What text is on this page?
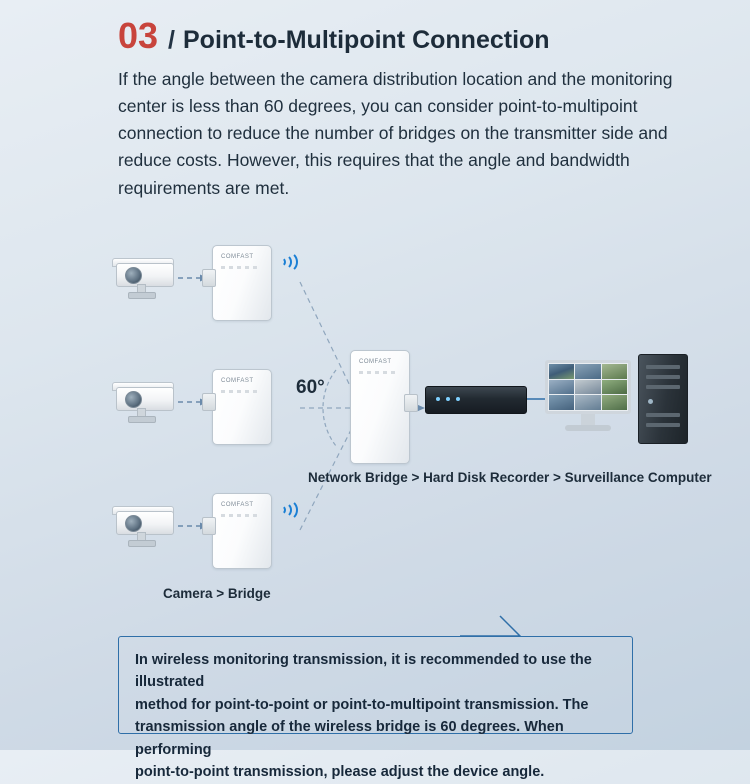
03 / Point-to-Multipoint Connection
If the angle between the camera distribution location and the monitoring center is less than 60 degrees, you can consider point-to-multipoint connection to reduce the number of bridges on the transmitter side and reduce costs. However, this requires that the angle and bandwidth requirements are met.
COMFAST
COMFAST
COMFAST
COMFAST
60°
Network Bridge > Hard Disk Recorder > Surveillance Computer
Camera > Bridge

In wireless monitoring transmission, it is recommended to use the illustrated

method for point-to-point or point-to-multipoint transmission. The

transmission angle of the wireless bridge is 60 degrees. When performing

point-to-point transmission, please adjust the device angle.
